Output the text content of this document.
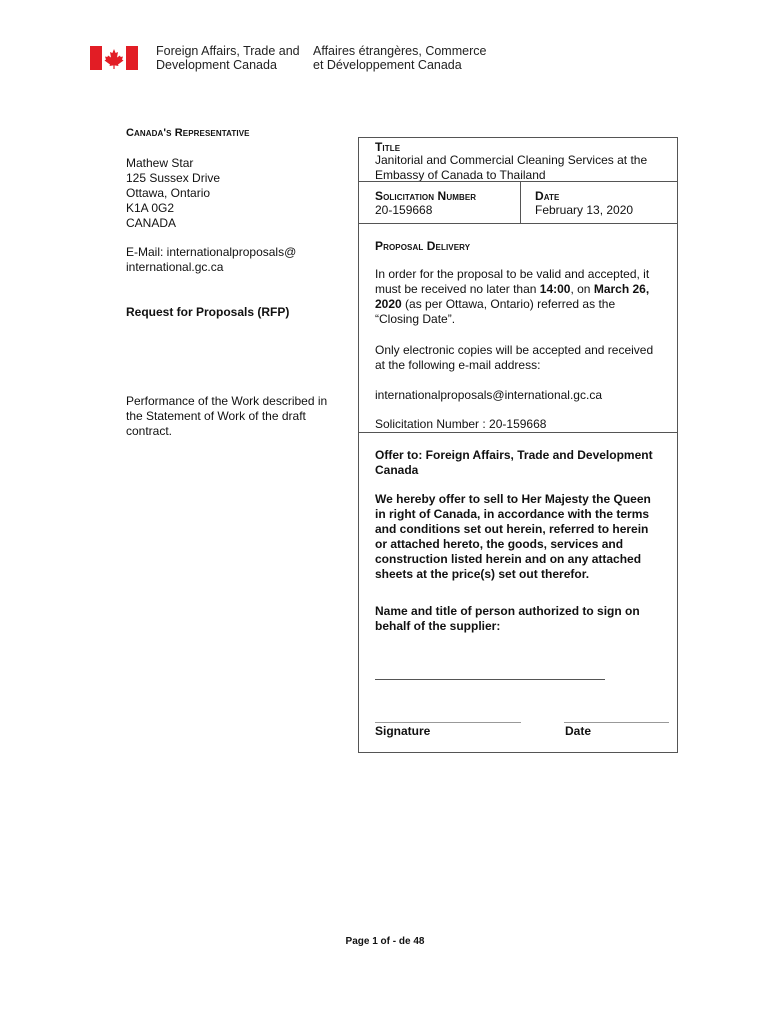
Foreign Affairs, Trade and
Development Canada
Affaires étrangères, Commerce
et Développement Canada
Canada's Representative
Mathew Star
125 Sussex Drive
Ottawa, Ontario
K1A 0G2
CANADA
E-Mail: internationalproposals@
international.gc.ca
Request for Proposals (RFP)
Performance of the Work described in
the Statement of Work of the draft
contract.
Title
Janitorial and Commercial Cleaning Services at the
Embassy of Canada to Thailand
Solicitation Number
20-159668
Date
February 13, 2020
Proposal Delivery
In order for the proposal to be valid and accepted, it
must be received no later than 14:00, on March 26,
2020 (as per Ottawa, Ontario) referred as the
“Closing Date”.
Only electronic copies will be accepted and received
at the following e-mail address:
internationalproposals@international.gc.ca
Solicitation Number : 20-159668
Offer to: Foreign Affairs, Trade and Development
Canada
We hereby offer to sell to Her Majesty the Queen
in right of Canada, in accordance with the terms
and conditions set out herein, referred to herein
or attached hereto, the goods, services and
construction listed herein and on any attached
sheets at the price(s) set out therefor.
Name and title of person authorized to sign on
behalf of the supplier:
Signature	Date
Page 1 of - de 48
